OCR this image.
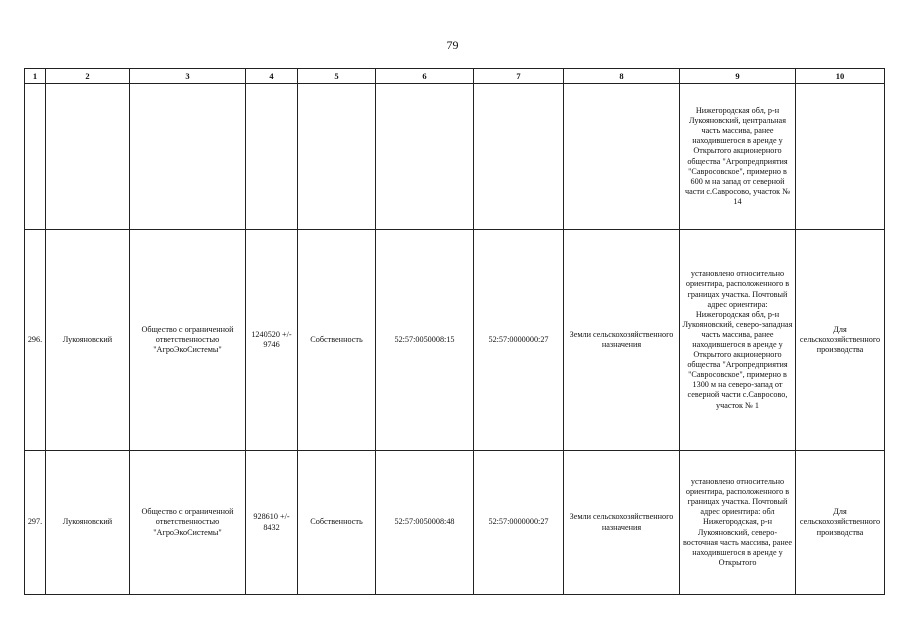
79
1	2	3	4	5	6	7	8	9	10
								Нижегородская обл, р-н Лукояновский, центральная часть массива, ранее находившегося в аренде у Открытого акционерного общества "Агропредприятия "Савросовское", примерно в 600 м на запад от северной части с.Савросово, участок № 14	
296.	Лукояновский	Общество с ограниченной ответственностью "АгроЭкоСистемы"	1240520 +/- 9746	Собственность	52:57:0050008:15	52:57:0000000:27	Земли сельскохозяйственного назначения	установлено относительно ориентира, расположенного в границах участка. Почтовый адрес ориентира: Нижегородская обл, р-н Лукояновский, северо-западная часть массива, ранее находившегося в аренде у Открытого акционерного общества "Агропредприятия "Савросовское", примерно в 1300 м на северо-запад от северной части с.Савросово, участок № 1	Для сельскохозяйственного производства
297.	Лукояновский	Общество с ограниченной ответственностью "АгроЭкоСистемы"	928610 +/- 8432	Собственность	52:57:0050008:48	52:57:0000000:27	Земли сельскохозяйственного назначения	установлено относительно ориентира, расположенного в границах участка. Почтовый адрес ориентира: обл Нижегородская, р-н Лукояновский, северо-восточная часть массива, ранее находившегося в аренде у Открытого	Для сельскохозяйственного производства
